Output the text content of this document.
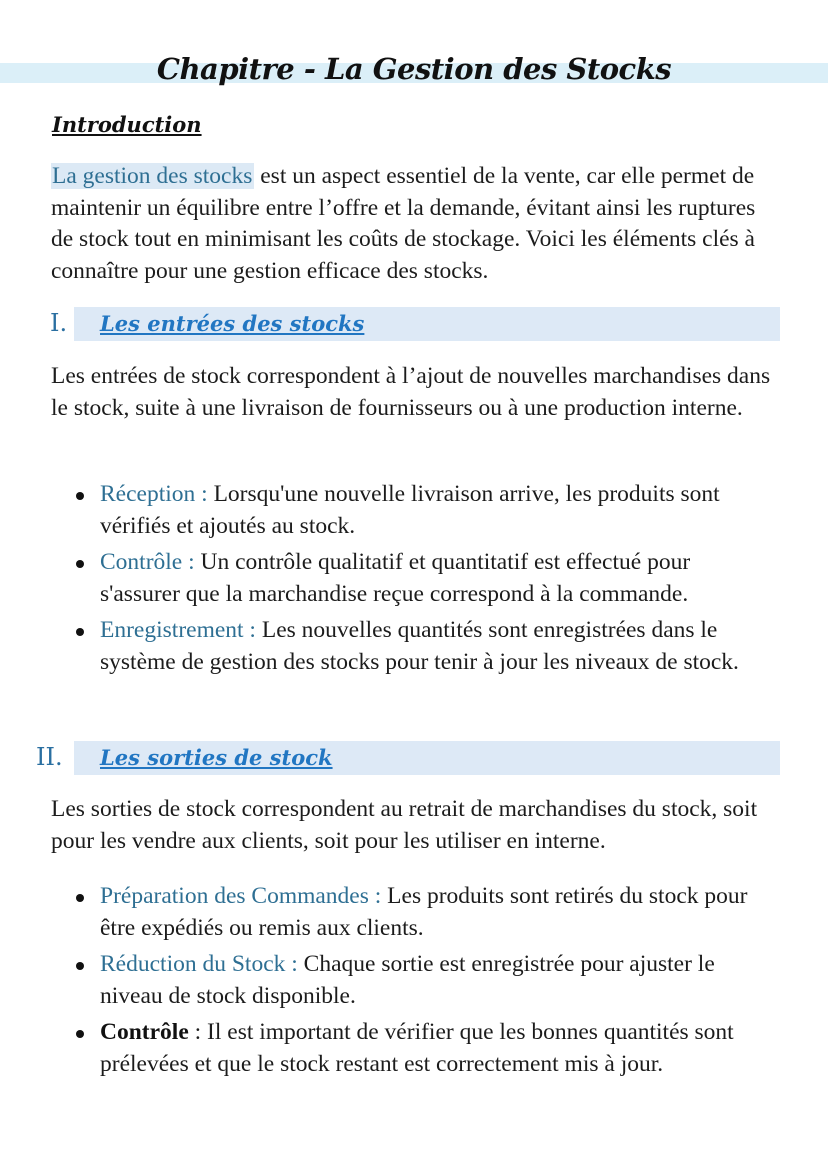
Chapitre - La Gestion des Stocks
Introduction
La gestion des stocks est un aspect essentiel de la vente, car elle permet de maintenir un équilibre entre l’offre et la demande, évitant ainsi les ruptures de stock tout en minimisant les coûts de stockage. Voici les éléments clés à connaître pour une gestion efficace des stocks.
I. Les entrées des stocks
Les entrées de stock correspondent à l’ajout de nouvelles marchandises dans le stock, suite à une livraison de fournisseurs ou à une production interne.
Réception : Lorsqu'une nouvelle livraison arrive, les produits sont vérifiés et ajoutés au stock.
Contrôle : Un contrôle qualitatif et quantitatif est effectué pour s'assurer que la marchandise reçue correspond à la commande.
Enregistrement : Les nouvelles quantités sont enregistrées dans le système de gestion des stocks pour tenir à jour les niveaux de stock.
II. Les sorties de stock
Les sorties de stock correspondent au retrait de marchandises du stock, soit pour les vendre aux clients, soit pour les utiliser en interne.
Préparation des Commandes : Les produits sont retirés du stock pour être expédiés ou remis aux clients.
Réduction du Stock : Chaque sortie est enregistrée pour ajuster le niveau de stock disponible.
Contrôle : Il est important de vérifier que les bonnes quantités sont prélevées et que le stock restant est correctement mis à jour.
